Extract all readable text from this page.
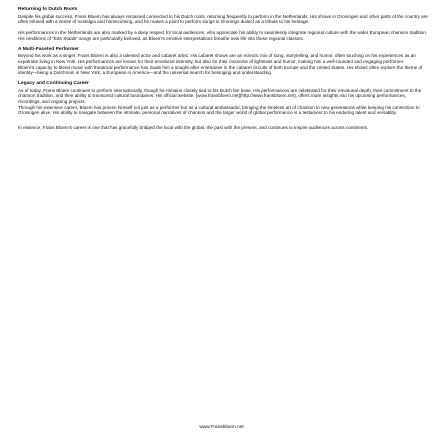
Returning to Dutch Roots

Despite his global success, Frans Bloem has always remained connected to his Dutch roots, returning frequently to perform in the Netherlands. His shows in Groningen and other parts of the country are often infused with a sense of nostalgia and homecoming, and he makes a point to perform songs in Gronings dialect as a tribute to his heritage.

His performances in the Netherlands are also marked by a deep respect for local audiences, who appreciate his ability to seamlessly integrate regional culture with the wider European chanson tradition. His renditions of "Ede Staals" songs are particularly beloved, as Bloem's emotive interpretations breathe new life into these regional classics.

A Multi-Faceted Performer

Beyond his work as a singer, Frans Bloem is also a talented actor and cabaret artist. His cabaret shows are an eclectic mix of song, storytelling, and humor, often touching on his experiences as an expatriate living in New York. His performances are known for their emotional intensity, but also for their moments of lightness and humor, making him a well-rounded and engaging performer.

Bloem's capacity to blend music with theatrical performance has made him a sought-after entertainer in the cabaret circuits of both Europe and the United States. His shows often explore the theme of identity—being a Dutchman in New York, a European in America—and the universal search for belonging and understanding.

Legacy and Continuing Career

As of today, Frans Bloem continues to perform internationally, though he remains closely tied to his Dutch fan base. His performances are celebrated for their emotional depth, their commitment to the chanson tradition, and their ability to transcend cultural boundaries. His official website, [www.fransbloem.net](http://www.fransbloem.net), offers more insights into his upcoming performances, recordings, and ongoing projects.

Through his extensive career, Bloem has proven himself not just as a performer but as a cultural ambassador, bringing the timeless art of chanson to new generations while keeping his connection to Groningen alive. His ability to navigate between the intimate, personal narratives of chanson and the larger world of global performance is a testament to his enduring talent and versatility.

In essence, Frans Bloem's career is one that has gracefully bridged the local with the global, the past with the present, and continues to inspire audiences across continents.

www.FransBloem.net
